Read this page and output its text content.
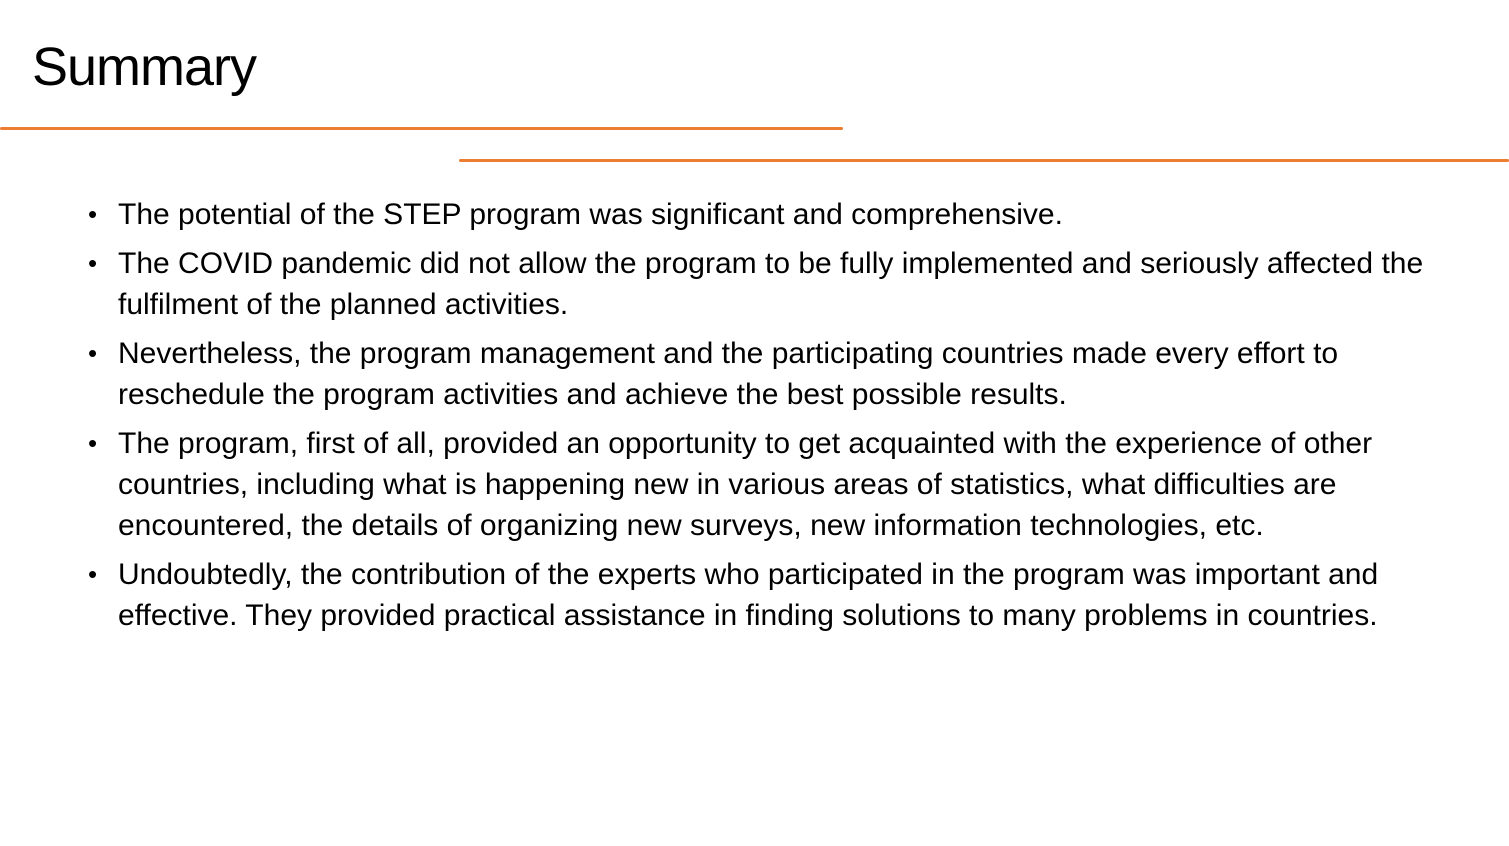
Summary
• The potential of the STEP program was significant and comprehensive.
• The COVID pandemic did not allow the program to be fully implemented and seriously affected the fulfilment of the planned activities.
• Nevertheless, the program management and the participating countries made every effort to reschedule the program activities and achieve the best possible results.
• The program, first of all, provided an opportunity to get acquainted with the experience of other countries, including what is happening new in various areas of statistics, what difficulties are encountered, the details of organizing new surveys, new information technologies, etc.
• Undoubtedly, the contribution of the experts who participated in the program was important and effective. They provided practical assistance in finding solutions to many problems in countries.
